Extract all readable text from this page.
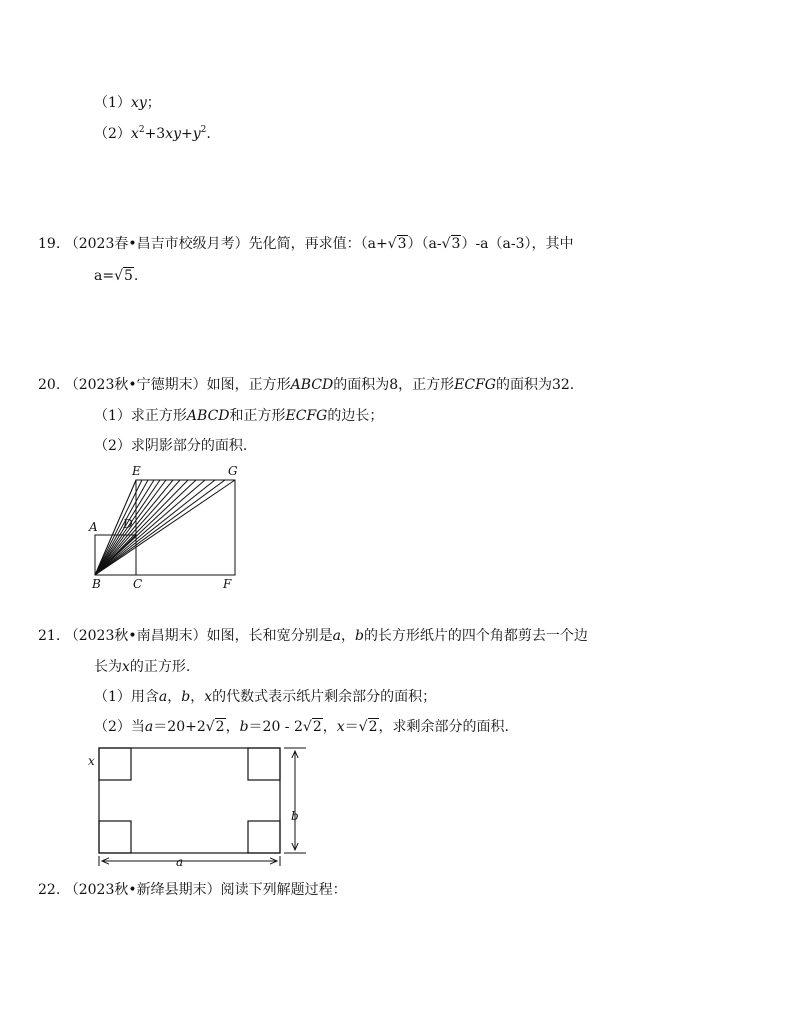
（1）xy；
$(2)x^2+3xy+y^2$.
19. （2023春•昌吉市校级月考）先化简，再求值：（a+√3）（a-√3）-a（a-3），其中
a=√5.
20. （2023秋•宁德期末）如图，正方形ABCD的面积为8，正方形ECFG的面积为32.
（1）求正方形ABCD和正方形ECFG的边长；
（2）求阴影部分的面积.
E	G
A D
B	C	F
21. （2023秋•南昌期末）如图，长和宽分别是a，b的长方形纸片的四个角都剪去一个边
长为x的正方形.
（1）用含a，b，x的代数式表示纸片剩余部分的面积；
（2）当a＝20+2√2，b＝20 - 2√2，x＝√2，求剩余部分的面积.
x
b
a
22. （2023秋•新绛县期末）阅读下列解题过程：
